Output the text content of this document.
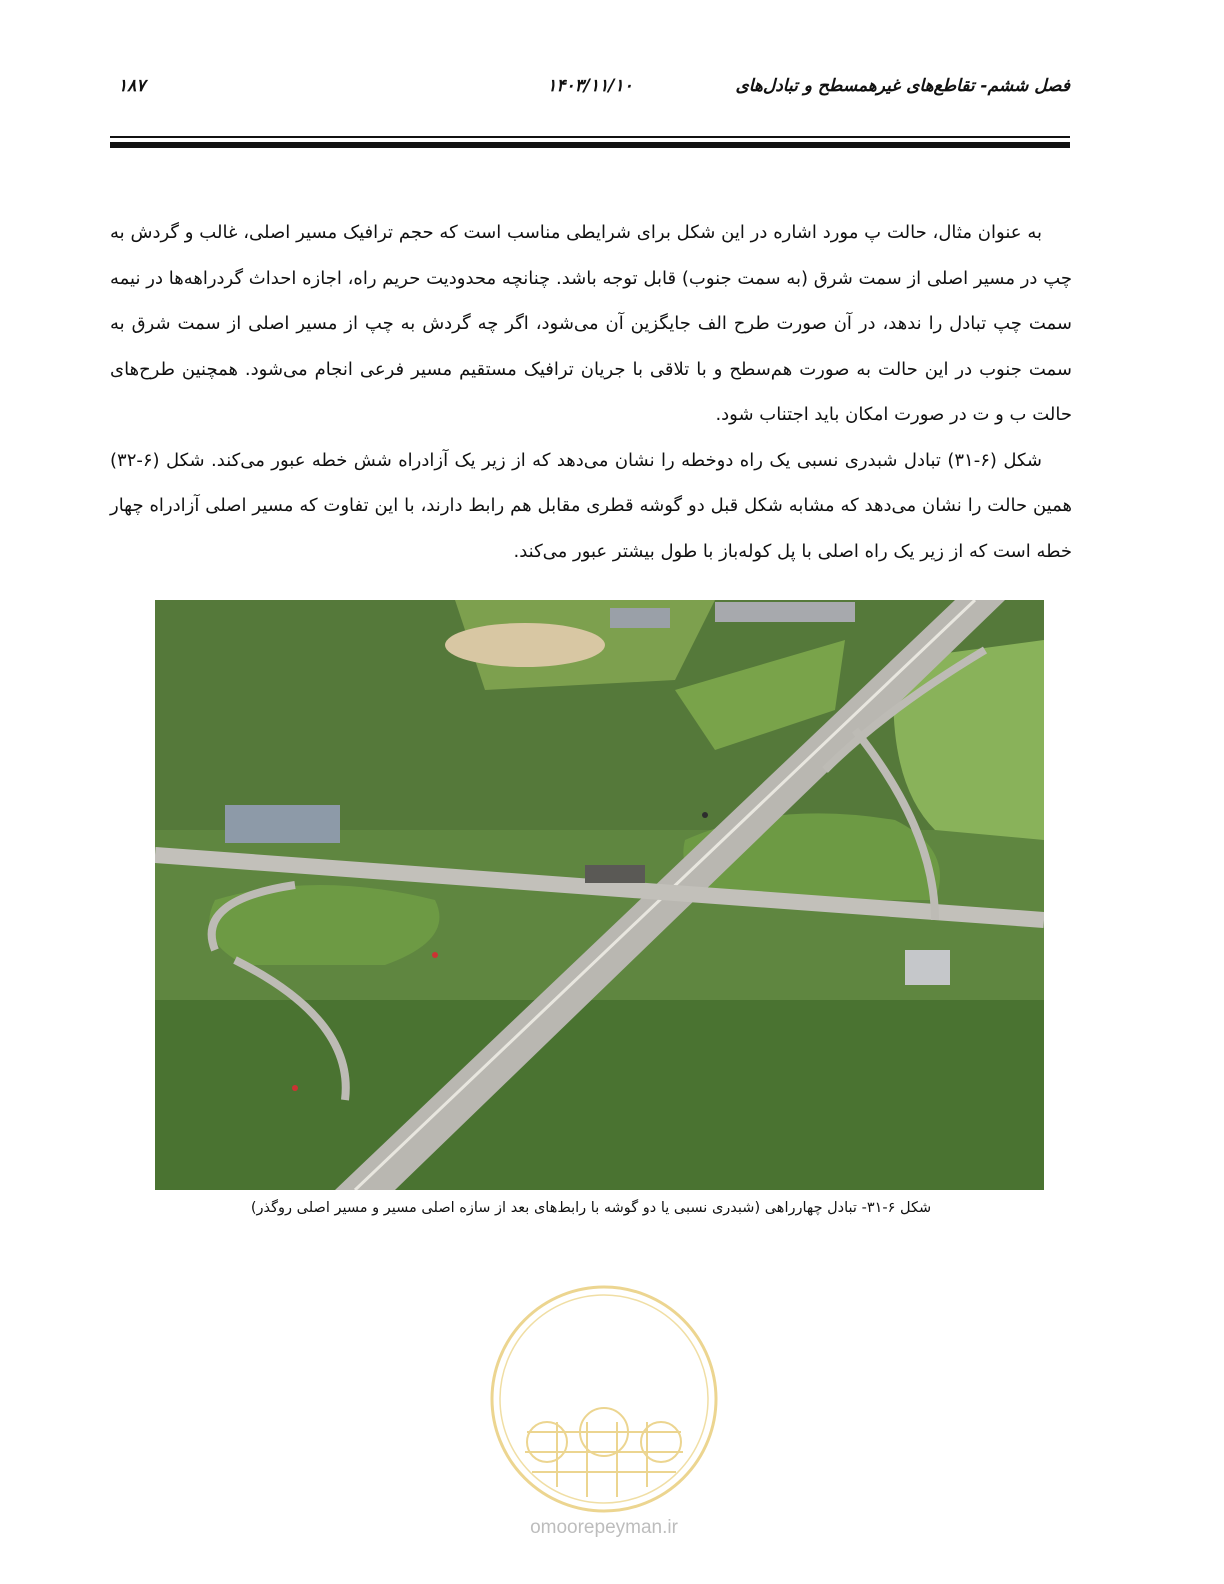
فصل ششم- تقاطع‌های غیرهمسطح و تبادل‌های
۱۴۰۳/۱۱/۱۰
۱۸۷

به عنوان مثال، حالت پ مورد اشاره در این شکل برای شرایطی مناسب است که حجم ترافیک مسیر اصلی، غالب و گردش به چپ در مسیر اصلی از سمت شرق (به سمت جنوب) قابل توجه باشد. چنانچه محدودیت حریم راه، اجازه احداث گردراهه‌ها در نیمه سمت چپ تبادل را ندهد، در آن صورت طرح الف جایگزین آن می‌شود، اگر چه گردش به چپ از مسیر اصلی از سمت شرق به سمت جنوب در این حالت به صورت هم‌سطح و با تلاقی با جریان ترافیک مستقیم مسیر فرعی انجام می‌شود. همچنین طرح‌های حالت ب و ت در صورت امکان باید اجتناب شود.

شکل (۶-۳۱) تبادل شبدری نسبی یک راه دوخطه را نشان می‌دهد که از زیر یک آزادراه شش خطه عبور می‌کند. شکل (۶-۳۲) همین حالت را نشان می‌دهد که مشابه شکل قبل دو گوشه قطری مقابل هم رابط دارند، با این تفاوت که مسیر اصلی آزادراه چهار خطه است که از زیر یک راه اصلی با پل کوله‌باز با طول بیشتر عبور می‌کند.

شکل ۶-۳۱- تبادل چهارراهی (شبدری نسبی یا دو گوشه با رابط‌های بعد از سازه اصلی مسیر و مسیر اصلی روگذر)
omoorepeyman.ir
